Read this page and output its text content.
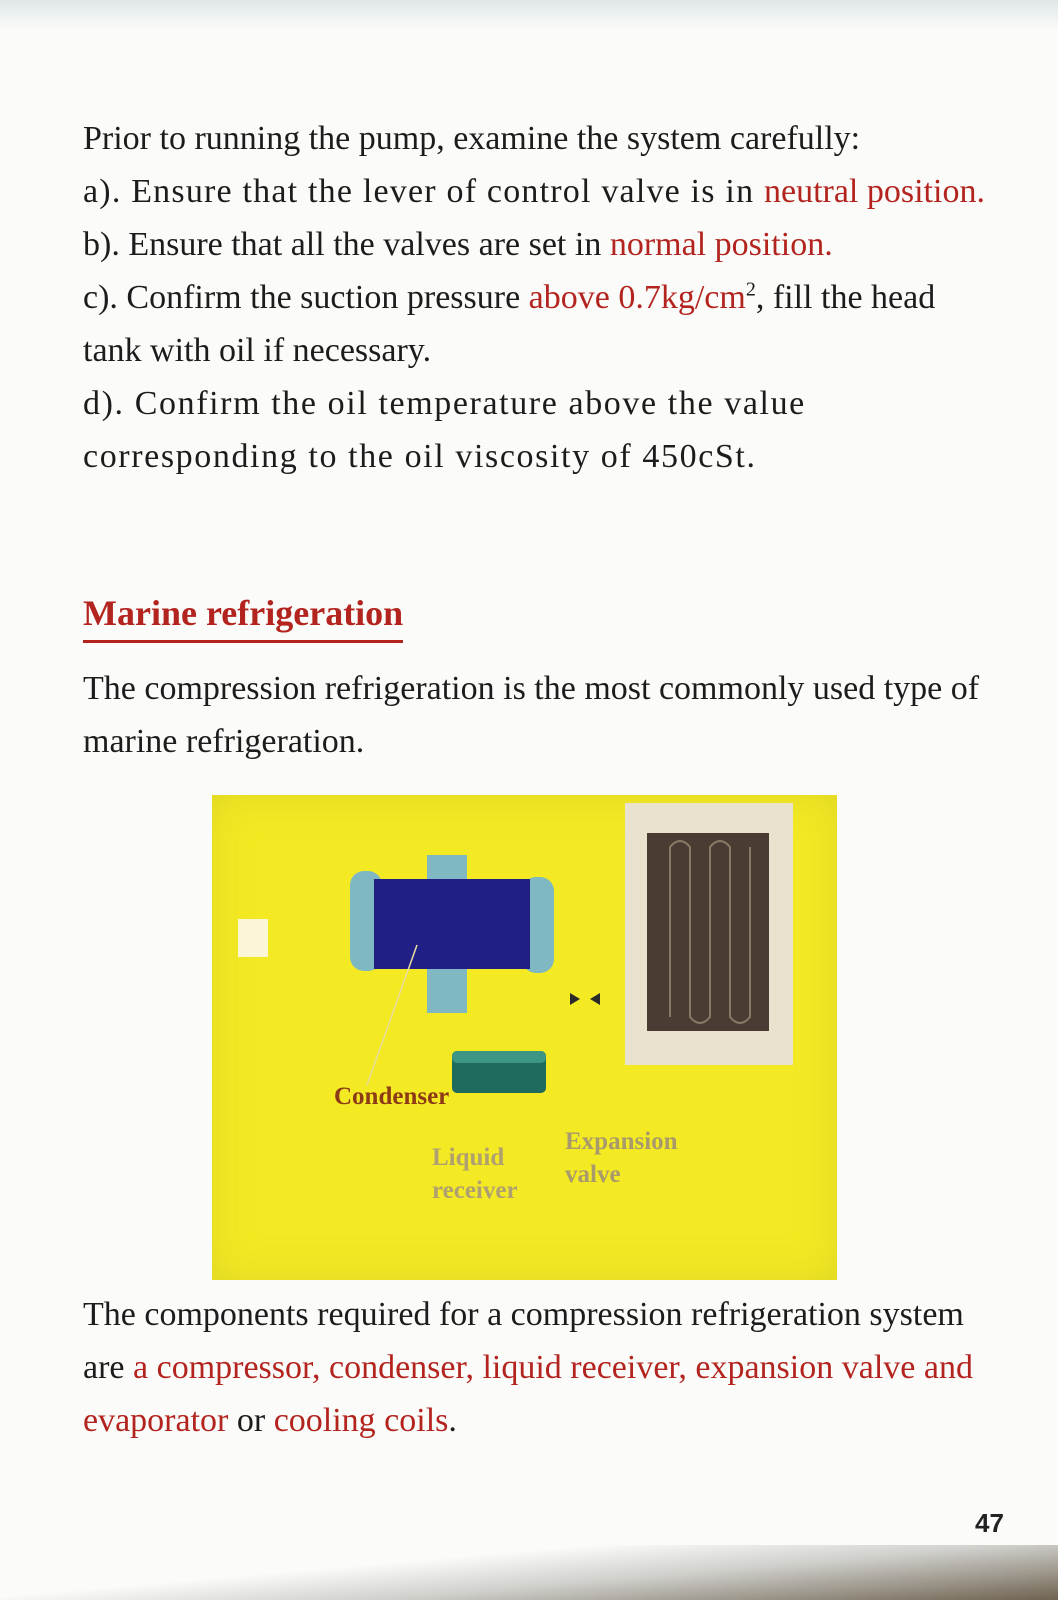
Prior to running the pump, examine the system carefully:

a). Ensure that the lever of control valve is in neutral position.

b). Ensure that all the valves are set in normal position.

c). Confirm the suction pressure above $0.7kg/cm^2$, fill the head tank with oil if necessary.

d). Confirm the oil temperature above the value corresponding to the oil viscosity of 450cSt.

Marine refrigeration

The compression refrigeration is the most commonly used type of marine refrigeration.

Condenser
Liquid receiver
Expansion valve

The components required for a compression refrigeration system are a compressor, condenser, liquid receiver, expansion valve and evaporator or cooling coils.

47
